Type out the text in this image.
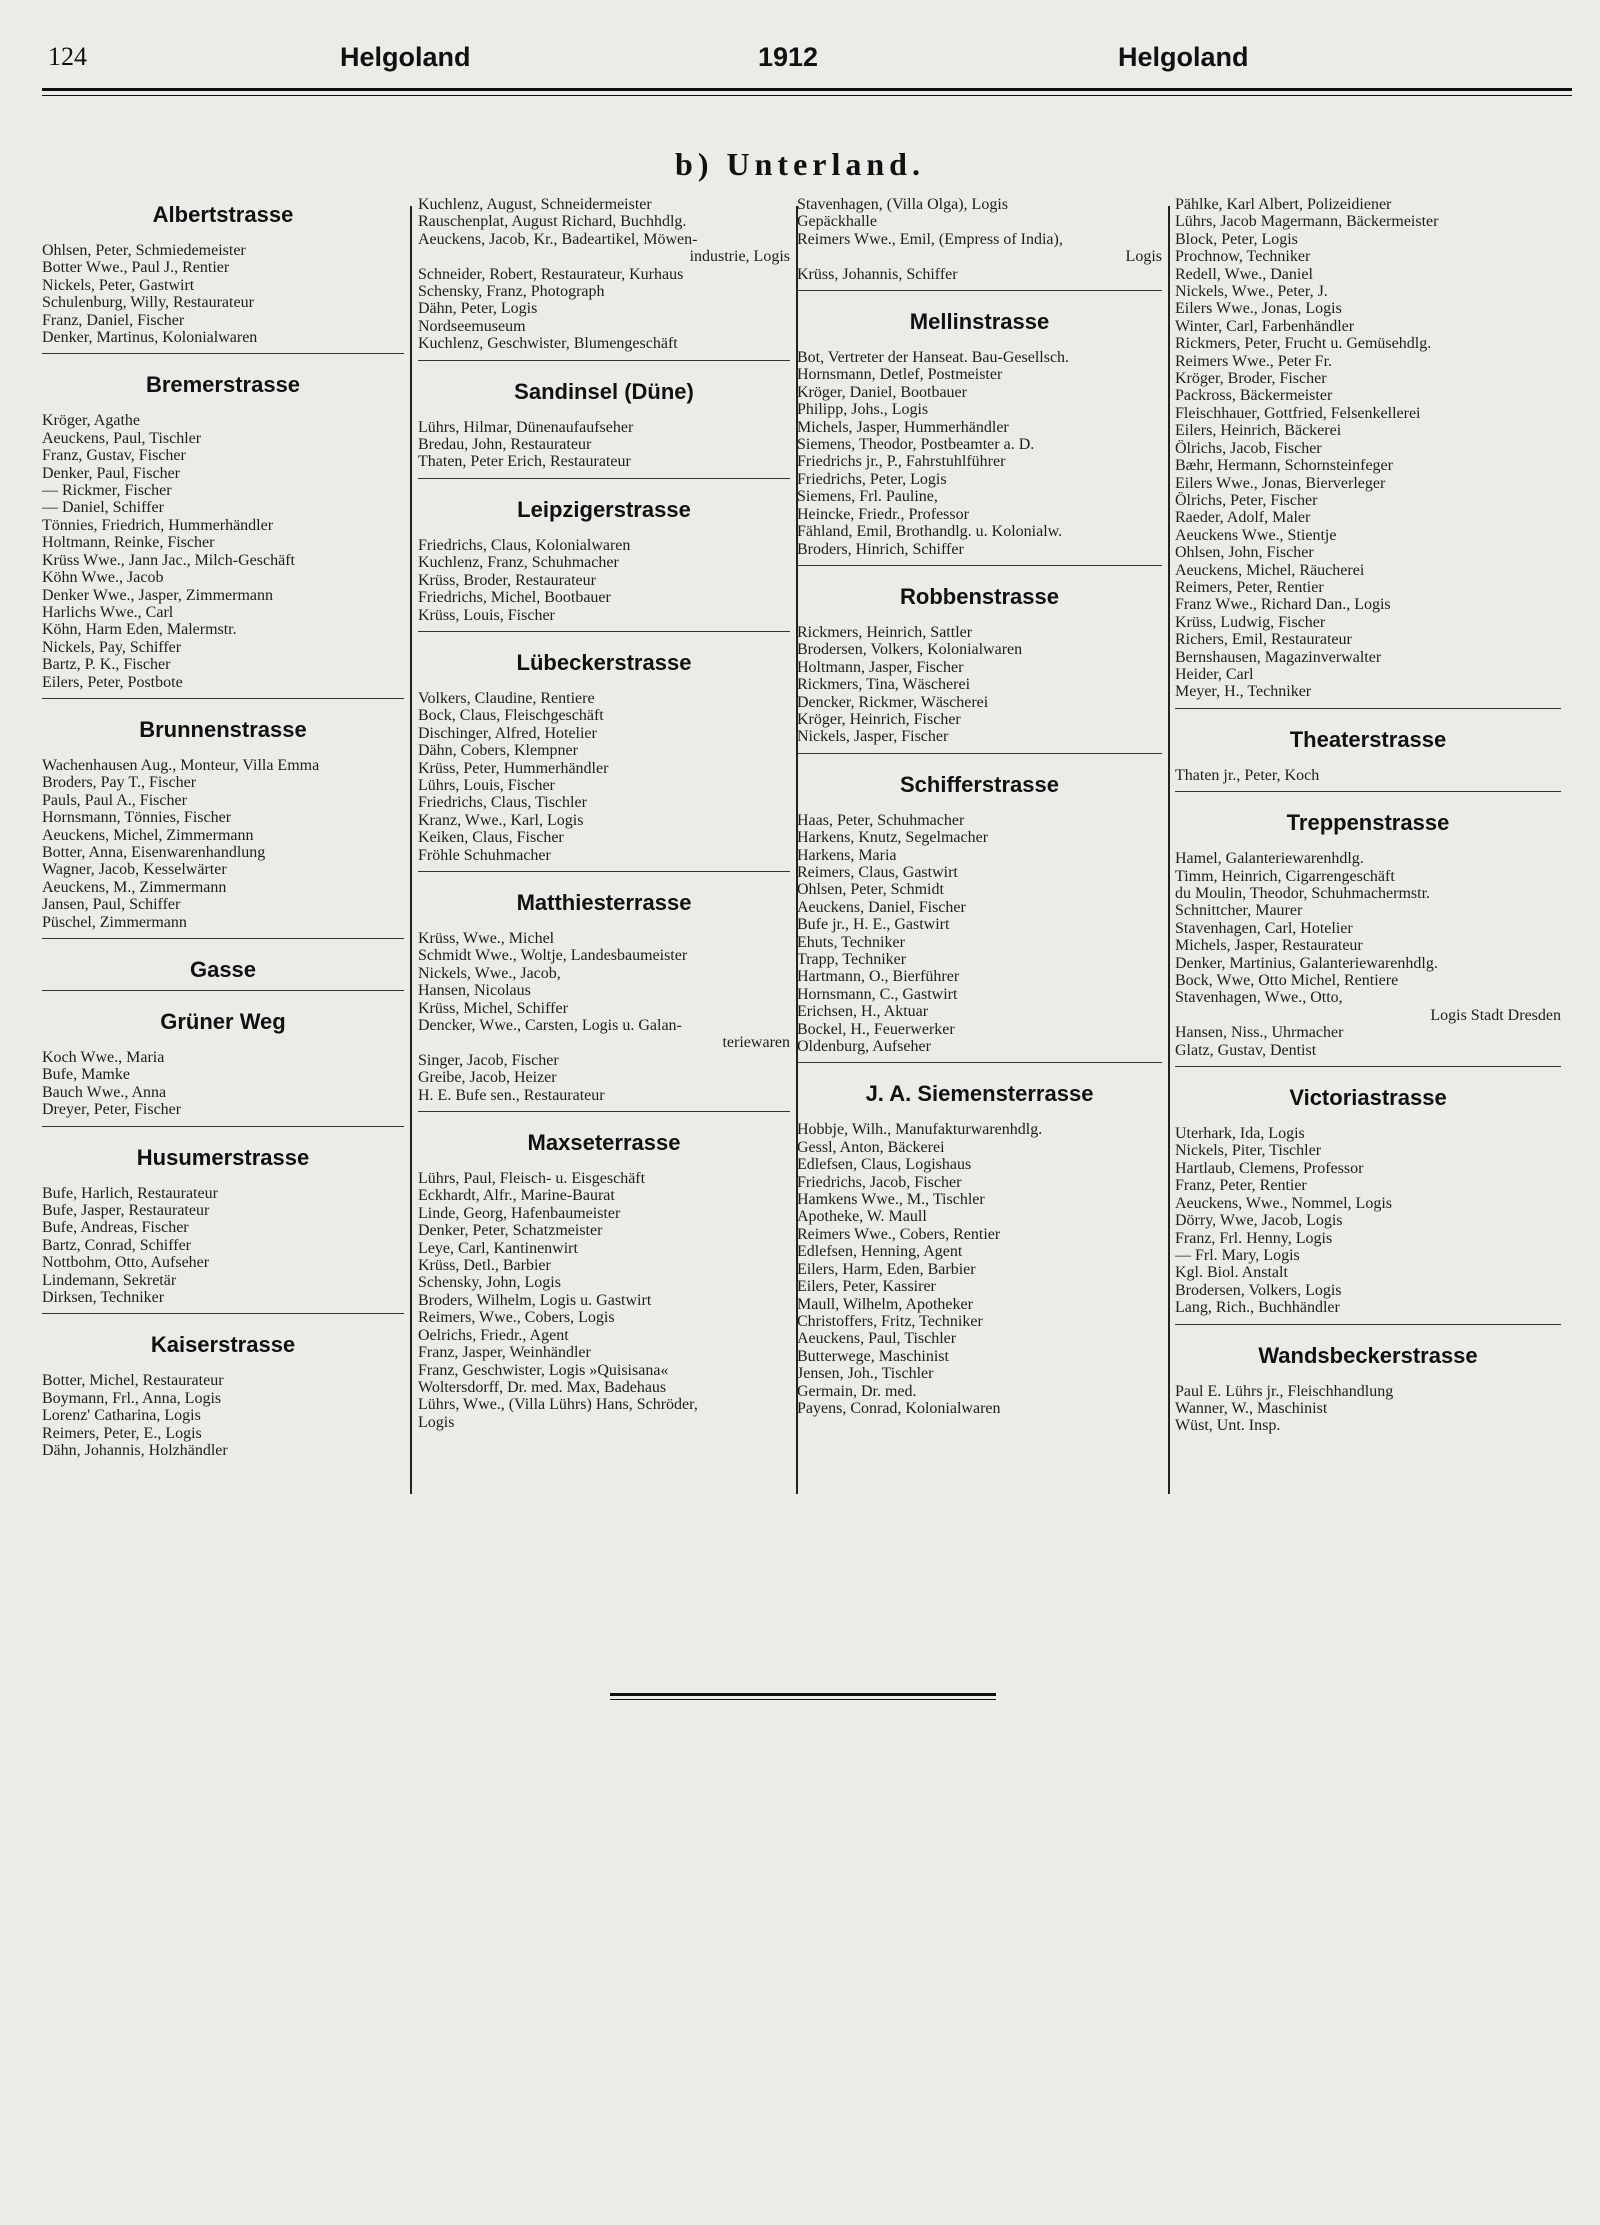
124	Helgoland	1912	Helgoland
b) Unterland.
Albertstrasse
Ohlsen, Peter, Schmiedemeister
Botter Wwe., Paul J., Rentier
Nickels, Peter, Gastwirt
Schulenburg, Willy, Restaurateur
Franz, Daniel, Fischer
Denker, Martinus, Kolonialwaren
Bremerstrasse
Kröger, Agathe
Aeuckens, Paul, Tischler
Franz, Gustav, Fischer
Denker, Paul, Fischer
— Rickmer, Fischer
— Daniel, Schiffer
Tönnies, Friedrich, Hummerhändler
Holtmann, Reinke, Fischer
Krüss Wwe., Jann Jac., Milch-Geschäft
Köhn Wwe., Jacob
Denker Wwe., Jasper, Zimmermann
Harlichs Wwe., Carl
Köhn, Harm Eden, Malermstr.
Nickels, Pay, Schiffer
Bartz, P. K., Fischer
Eilers, Peter, Postbote
Brunnenstrasse
Wachenhausen Aug., Monteur, Villa Emma
Broders, Pay T., Fischer
Pauls, Paul A., Fischer
Hornsmann, Tönnies, Fischer
Aeuckens, Michel, Zimmermann
Botter, Anna, Eisenwarenhandlung
Wagner, Jacob, Kesselwärter
Aeuckens, M., Zimmermann
Jansen, Paul, Schiffer
Püschel, Zimmermann
Gasse
Grüner Weg
Koch Wwe., Maria
Bufe, Mamke
Bauch Wwe., Anna
Dreyer, Peter, Fischer
Husumerstrasse
Bufe, Harlich, Restaurateur
Bufe, Jasper, Restaurateur
Bufe, Andreas, Fischer
Bartz, Conrad, Schiffer
Nottbohm, Otto, Aufseher
Lindemann, Sekretär
Dirksen, Techniker
Kaiserstrasse
Botter, Michel, Restaurateur
Boymann, Frl., Anna, Logis
Lorenz' Catharina, Logis
Reimers, Peter, E., Logis
Dähn, Johannis, Holzhändler
Kuchlenz, August, Schneidermeister
Rauschenplat, August Richard, Buchhdlg.
Aeuckens, Jacob, Kr., Badeartikel, Möwen-
industrie, Logis
Schneider, Robert, Restaurateur, Kurhaus
Schensky, Franz, Photograph
Dähn, Peter, Logis
Nordseemuseum
Kuchlenz, Geschwister, Blumengeschäft
Sandinsel (Düne)
Lührs, Hilmar, Dünenaufaufseher
Bredau, John, Restaurateur
Thaten, Peter Erich, Restaurateur
Leipzigerstrasse
Friedrichs, Claus, Kolonialwaren
Kuchlenz, Franz, Schuhmacher
Krüss, Broder, Restaurateur
Friedrichs, Michel, Bootbauer
Krüss, Louis, Fischer
Lübeckerstrasse
Volkers, Claudine, Rentiere
Bock, Claus, Fleischgeschäft
Dischinger, Alfred, Hotelier
Dähn, Cobers, Klempner
Krüss, Peter, Hummerhändler
Lührs, Louis, Fischer
Friedrichs, Claus, Tischler
Kranz, Wwe., Karl, Logis
Keiken, Claus, Fischer
Fröhle Schuhmacher
Matthiesterrasse
Krüss, Wwe., Michel
Schmidt Wwe., Woltje, Landesbaumeister
Nickels, Wwe., Jacob,
Hansen, Nicolaus
Krüss, Michel, Schiffer
Dencker, Wwe., Carsten, Logis u. Galan-
teriewaren
Singer, Jacob, Fischer
Greibe, Jacob, Heizer
H. E. Bufe sen., Restaurateur
Maxseterrasse
Lührs, Paul, Fleisch- u. Eisgeschäft
Eckhardt, Alfr., Marine-Baurat
Linde, Georg, Hafenbaumeister
Denker, Peter, Schatzmeister
Leye, Carl, Kantinenwirt
Krüss, Detl., Barbier
Schensky, John, Logis
Broders, Wilhelm, Logis u. Gastwirt
Reimers, Wwe., Cobers, Logis
Oelrichs, Friedr., Agent
Franz, Jasper, Weinhändler
Franz, Geschwister, Logis »Quisisana«
Woltersdorff, Dr. med. Max, Badehaus
Lührs, Wwe., (Villa Lührs) Hans, Schröder,
Logis
Stavenhagen, (Villa Olga), Logis
Gepäckhalle
Reimers Wwe., Emil, (Empress of India),
Logis
Krüss, Johannis, Schiffer
Mellinstrasse
Bot, Vertreter der Hanseat. Bau-Gesellsch.
Hornsmann, Detlef, Postmeister
Kröger, Daniel, Bootbauer
Philipp, Johs., Logis
Michels, Jasper, Hummerhändler
Siemens, Theodor, Postbeamter a. D.
Friedrichs jr., P., Fahrstuhlführer
Friedrichs, Peter, Logis
Siemens, Frl. Pauline,
Heincke, Friedr., Professor
Fähland, Emil, Brothandlg. u. Kolonialw.
Broders, Hinrich, Schiffer
Robbenstrasse
Rickmers, Heinrich, Sattler
Brodersen, Volkers, Kolonialwaren
Holtmann, Jasper, Fischer
Rickmers, Tina, Wäscherei
Dencker, Rickmer, Wäscherei
Kröger, Heinrich, Fischer
Nickels, Jasper, Fischer
Schifferstrasse
Haas, Peter, Schuhmacher
Harkens, Knutz, Segelmacher
Harkens, Maria
Reimers, Claus, Gastwirt
Ohlsen, Peter, Schmidt
Aeuckens, Daniel, Fischer
Bufe jr., H. E., Gastwirt
Ehuts, Techniker
Trapp, Techniker
Hartmann, O., Bierführer
Hornsmann, C., Gastwirt
Erichsen, H., Aktuar
Bockel, H., Feuerwerker
Oldenburg, Aufseher
J. A. Siemensterrasse
Hobbje, Wilh., Manufakturwarenhdlg.
Gessl, Anton, Bäckerei
Edlefsen, Claus, Logishaus
Friedrichs, Jacob, Fischer
Hamkens Wwe., M., Tischler
Apotheke, W. Maull
Reimers Wwe., Cobers, Rentier
Edlefsen, Henning, Agent
Eilers, Harm, Eden, Barbier
Eilers, Peter, Kassirer
Maull, Wilhelm, Apotheker
Christoffers, Fritz, Techniker
Aeuckens, Paul, Tischler
Butterwege, Maschinist
Jensen, Joh., Tischler
Germain, Dr. med.
Payens, Conrad, Kolonialwaren
Pählke, Karl Albert, Polizeidiener
Lührs, Jacob Magermann, Bäckermeister
Block, Peter, Logis
Prochnow, Techniker
Redell, Wwe., Daniel
Nickels, Wwe., Peter, J.
Eilers Wwe., Jonas, Logis
Winter, Carl, Farbenhändler
Rickmers, Peter, Frucht u. Gemüsehdlg.
Reimers Wwe., Peter Fr.
Kröger, Broder, Fischer
Packross, Bäckermeister
Fleischhauer, Gottfried, Felsenkellerei
Eilers, Heinrich, Bäckerei
Ölrichs, Jacob, Fischer
Bæhr, Hermann, Schornsteinfeger
Eilers Wwe., Jonas, Bierverleger
Ölrichs, Peter, Fischer
Raeder, Adolf, Maler
Aeuckens Wwe., Stientje
Ohlsen, John, Fischer
Aeuckens, Michel, Räucherei
Reimers, Peter, Rentier
Franz Wwe., Richard Dan., Logis
Krüss, Ludwig, Fischer
Richers, Emil, Restaurateur
Bernshausen, Magazinverwalter
Heider, Carl
Meyer, H., Techniker
Theaterstrasse
Thaten jr., Peter, Koch
Treppenstrasse
Hamel, Galanteriewarenhdlg.
Timm, Heinrich, Cigarrengeschäft
du Moulin, Theodor, Schuhmachermstr.
Schnittcher, Maurer
Stavenhagen, Carl, Hotelier
Michels, Jasper, Restaurateur
Denker, Martinius, Galanteriewarenhdlg.
Bock, Wwe, Otto Michel, Rentiere
Stavenhagen, Wwe., Otto,
Logis Stadt Dresden
Hansen, Niss., Uhrmacher
Glatz, Gustav, Dentist
Victoriastrasse
Uterhark, Ida, Logis
Nickels, Piter, Tischler
Hartlaub, Clemens, Professor
Franz, Peter, Rentier
Aeuckens, Wwe., Nommel, Logis
Dörry, Wwe, Jacob, Logis
Franz, Frl. Henny, Logis
— Frl. Mary, Logis
Kgl. Biol. Anstalt
Brodersen, Volkers, Logis
Lang, Rich., Buchhändler
Wandsbeckerstrasse
Paul E. Lührs jr., Fleischhandlung
Wanner, W., Maschinist
Wüst, Unt. Insp.
